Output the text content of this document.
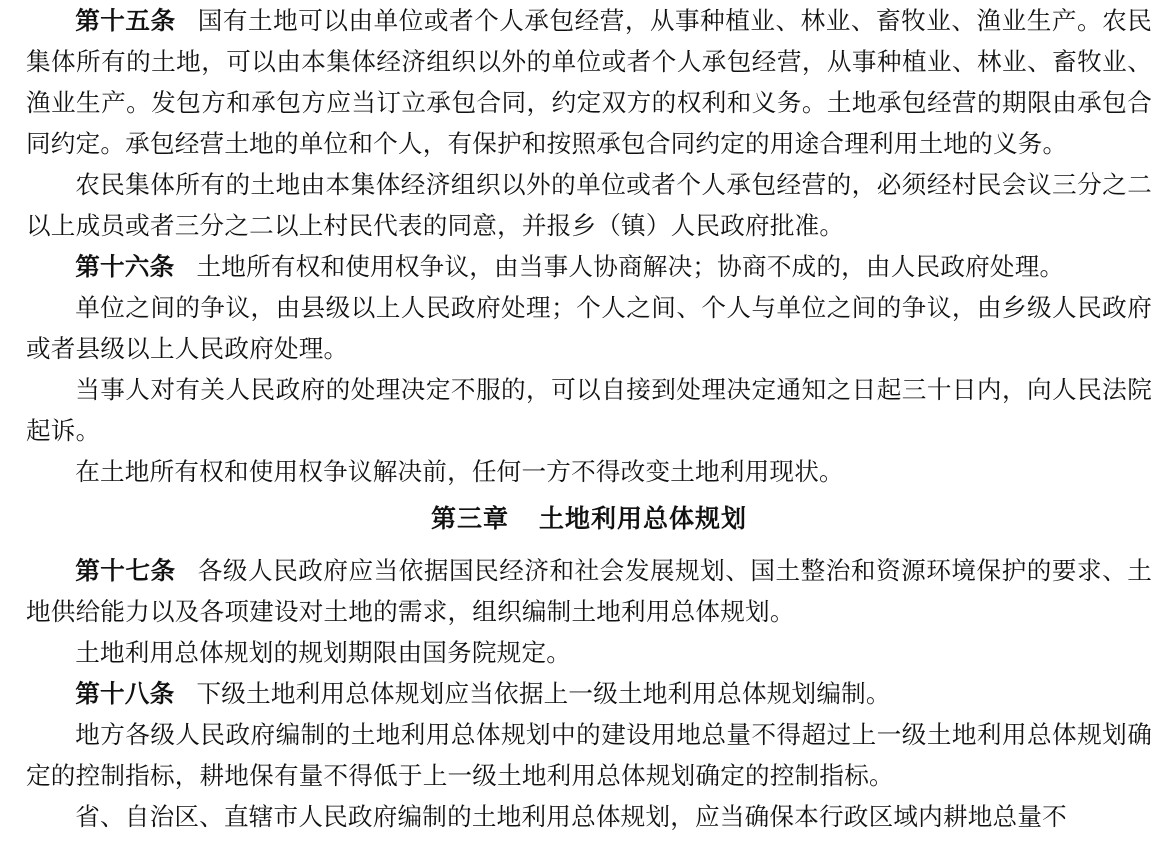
第十五条 国有土地可以由单位或者个人承包经营，从事种植业、林业、畜牧业、渔业生产。农民集体所有的土地，可以由本集体经济组织以外的单位或者个人承包经营，从事种植业、林业、畜牧业、渔业生产。发包方和承包方应当订立承包合同，约定双方的权利和义务。土地承包经营的期限由承包合同约定。承包经营土地的单位和个人，有保护和按照承包合同约定的用途合理利用土地的义务。

农民集体所有的土地由本集体经济组织以外的单位或者个人承包经营的，必须经村民会议三分之二以上成员或者三分之二以上村民代表的同意，并报乡（镇）人民政府批准。

第十六条 土地所有权和使用权争议，由当事人协商解决；协商不成的，由人民政府处理。

单位之间的争议，由县级以上人民政府处理；个人之间、个人与单位之间的争议，由乡级人民政府或者县级以上人民政府处理。

当事人对有关人民政府的处理决定不服的，可以自接到处理决定通知之日起三十日内，向人民法院起诉。

在土地所有权和使用权争议解决前，任何一方不得改变土地利用现状。

第三章 土地利用总体规划

第十七条 各级人民政府应当依据国民经济和社会发展规划、国土整治和资源环境保护的要求、土地供给能力以及各项建设对土地的需求，组织编制土地利用总体规划。

土地利用总体规划的规划期限由国务院规定。

第十八条 下级土地利用总体规划应当依据上一级土地利用总体规划编制。

地方各级人民政府编制的土地利用总体规划中的建设用地总量不得超过上一级土地利用总体规划确定的控制指标，耕地保有量不得低于上一级土地利用总体规划确定的控制指标。

省、自治区、直辖市人民政府编制的土地利用总体规划，应当确保本行政区域内耕地总量不
